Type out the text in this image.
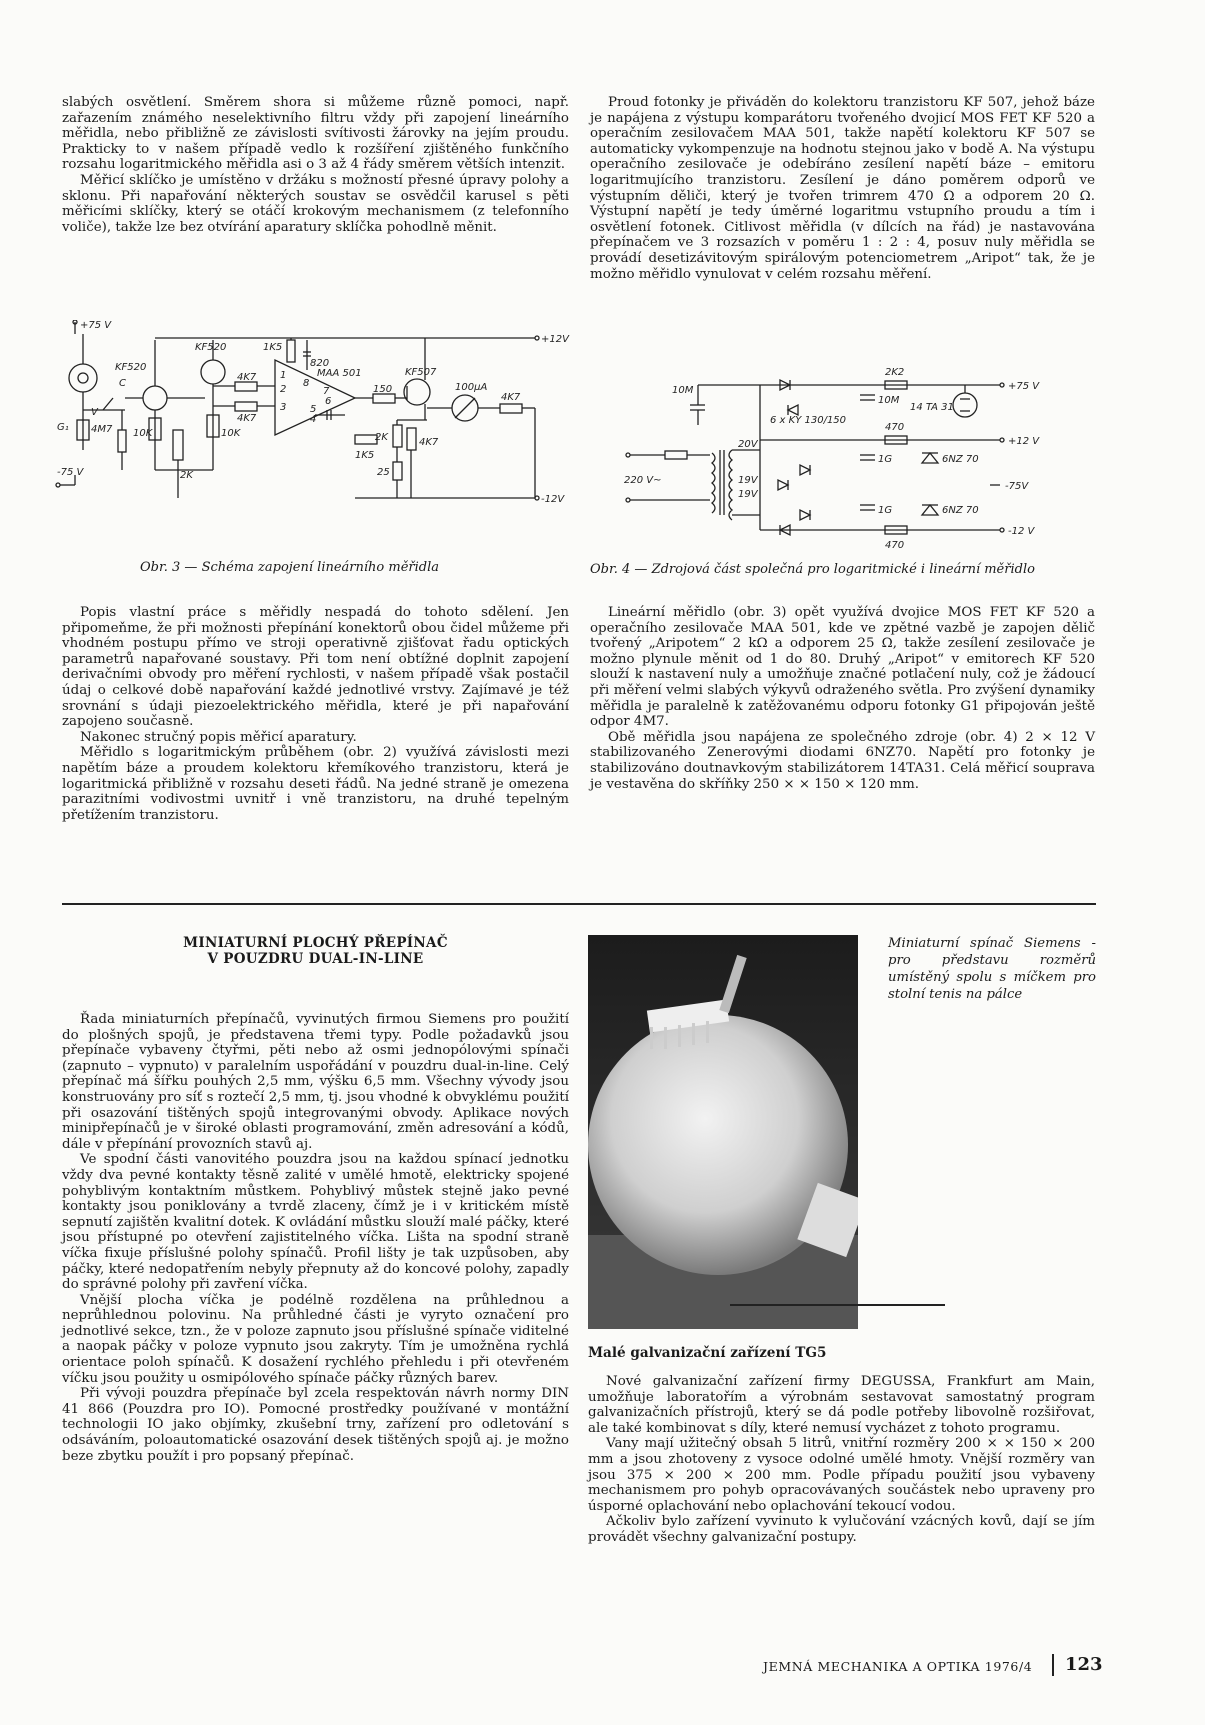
slabých osvětlení. Směrem shora si můžeme různě pomoci, např. zařazením známého neselektivního filtru vždy při zapojení lineárního měřidla, nebo přibližně ze závislosti svítivosti žárovky na jejím proudu. Prakticky to v našem případě vedlo k rozšíření zjištěného funkčního rozsahu logaritmického měřidla asi o 3 až 4 řády směrem větších intenzit.

Měřicí sklíčko je umístěno v držáku s možností přesné úpravy polohy a sklonu. Při napařování některých soustav se osvědčil karusel s pěti měřicími sklíčky, který se otáčí krokovým mechanismem (z telefonního voliče), takže lze bez otvírání aparatury sklíčka pohodlně měnit.

Proud fotonky je přiváděn do kolektoru tranzistoru KF 507, jehož báze je napájena z výstupu komparátoru tvořeného dvojicí MOS FET KF 520 a operačním zesilovačem MAA 501, takže napětí kolektoru KF 507 se automaticky vykompenzuje na hodnotu stejnou jako v bodě A. Na výstupu operačního zesilovače je odebíráno zesílení napětí báze – emitoru logaritmujícího tranzistoru. Zesílení je dáno poměrem odporů ve výstupním děliči, který je tvořen trimrem 470 Ω a odporem 20 Ω. Výstupní napětí je tedy úměrné logaritmu vstupního proudu a tím i osvětlení fotonek. Citlivost měřidla (v dílcích na řád) je nastavována přepínačem ve 3 rozsazích v poměru 1 : 2 : 4, posuv nuly měřidla se provádí desetizávitovým spirálovým potenciometrem „Aripot“ tak, že je možno měřidlo vynulovat v celém rozsahu měření.

+75 V
KF520
KF520
C
V
G₁ 4M7 10K	10K
2K
4K7
4K7
1K5
820
MAA 501	KF507
150
1K5
2K
25
4K7
100μA
4K7
+12V
-12V
-75 V
1
2
3
4
5
6
7
8
Obr. 3 — Schéma zapojení lineárního měřidla
2K2
+75 V
10M
10M
14 TA 31
6 x KY 130/150
470
+12 V
20V
1G	6NZ 70
220 V~	19V
19V
-75V
1G	6NZ 70
-12 V
470
Obr. 4 — Zdrojová část společná pro logaritmické i lineární měřidlo

Popis vlastní práce s měřidly nespadá do tohoto sdělení. Jen připomeňme, že při možnosti přepínání konektorů obou čidel můžeme při vhodném postupu přímo ve stroji operativně zjišťovat řadu optických parametrů napařované soustavy. Při tom není obtížné doplnit zapojení derivačními obvody pro měření rychlosti, v našem případě však postačil údaj o celkové době napařování každé jednotlivé vrstvy. Zajímavé je též srovnání s údaji piezoelektrického měřidla, které je při napařování zapojeno současně.

Nakonec stručný popis měřicí aparatury.

Měřidlo s logaritmickým průběhem (obr. 2) využívá závislosti mezi napětím báze a proudem kolektoru křemíkového tranzistoru, která je logaritmická přibližně v rozsahu deseti řádů. Na jedné straně je omezena parazitními vodivostmi uvnitř i vně tranzistoru, na druhé tepelným přetížením tranzistoru.

Lineární měřidlo (obr. 3) opět využívá dvojice MOS FET KF 520 a operačního zesilovače MAA 501, kde ve zpětné vazbě je zapojen dělič tvořený „Aripotem“ 2 kΩ a odporem 25 Ω, takže zesílení zesilovače je možno plynule měnit od 1 do 80. Druhý „Aripot“ v emitorech KF 520 slouží k nastavení nuly a umožňuje značné potlačení nuly, což je žádoucí při měření velmi slabých výkyvů odraženého světla. Pro zvýšení dynamiky měřidla je paralelně k zatěžovanému odporu fotonky G1 připojován ještě odpor 4M7.

Obě měřidla jsou napájena ze společného zdroje (obr. 4) 2 × 12 V stabilizovaného Zenerovými diodami 6NZ70. Napětí pro fotonky je stabilizováno doutnavkovým stabilizátorem 14TA31. Celá měřicí souprava je vestavěna do skříňky 250 × × 150 × 120 mm.

MINIATURNÍ PLOCHÝ PŘEPÍNAČ
V POUZDRU DUAL-IN-LINE

Řada miniaturních přepínačů, vyvinutých firmou Siemens pro použití do plošných spojů, je představena třemi typy. Podle požadavků jsou přepínače vybaveny čtyřmi, pěti nebo až osmi jednopólovými spínači (zapnuto – vypnuto) v paralelním uspořádání v pouzdru dual-in-line. Celý přepínač má šířku pouhých 2,5 mm, výšku 6,5 mm. Všechny vývody jsou konstruovány pro síť s roztečí 2,5 mm, tj. jsou vhodné k obvyklému použití při osazování tištěných spojů integrovanými obvody. Aplikace nových minipřepínačů je v široké oblasti programování, změn adresování a kódů, dále v přepínání provozních stavů aj.

Ve spodní části vanovitého pouzdra jsou na každou spínací jednotku vždy dva pevné kontakty těsně zalité v umělé hmotě, elektricky spojené pohyblivým kontaktním můstkem. Pohyblivý můstek stejně jako pevné kontakty jsou poniklovány a tvrdě zlaceny, čímž je i v kritickém místě sepnutí zajištěn kvalitní dotek. K ovládání můstku slouží malé páčky, které jsou přístupné po otevření zajistitelného víčka. Lišta na spodní straně víčka fixuje příslušné polohy spínačů. Profil lišty je tak uzpůsoben, aby páčky, které nedopatřením nebyly přepnuty až do koncové polohy, zapadly do správné polohy při zavření víčka.

Vnější plocha víčka je podélně rozdělena na průhlednou a neprůhlednou polovinu. Na průhledné části je vyryto označení pro jednotlivé sekce, tzn., že v poloze zapnuto jsou příslušné spínače viditelné a naopak páčky v poloze vypnuto jsou zakryty. Tím je umožněna rychlá orientace poloh spínačů. K dosažení rychlého přehledu i při otevřeném víčku jsou použity u osmipólového spínače páčky různých barev.

Při vývoji pouzdra přepínače byl zcela respektován návrh normy DIN 41 866 (Pouzdra pro IO). Pomocné prostředky používané v montážní technologii IO jako objímky, zkušební trny, zařízení pro odletování s odsáváním, poloautomatické osazování desek tištěných spojů aj. je možno beze zbytku použít i pro popsaný přepínač.

Miniaturní spínač Siemens - pro představu rozměrů umístěný spolu s míčkem pro stolní tenis na pálce
Malé galvanizační zařízení TG5

Nové galvanizační zařízení firmy DEGUSSA, Frankfurt am Main, umožňuje laboratořím a výrobnám sestavovat samostatný program galvanizačních přístrojů, který se dá podle potřeby libovolně rozšiřovat, ale také kombinovat s díly, které nemusí vycházet z tohoto programu.

Vany mají užitečný obsah 5 litrů, vnitřní rozměry 200 × × 150 × 200 mm a jsou zhotoveny z vysoce odolné umělé hmoty. Vnější rozměry van jsou 375 × 200 × 200 mm. Podle případu použití jsou vybaveny mechanismem pro pohyb opracovávaných součástek nebo upraveny pro úsporné oplachování nebo oplachování tekoucí vodou.

Ačkoliv bylo zařízení vyvinuto k vylučování vzácných kovů, dají se jím provádět všechny galvanizační postupy.

JEMNÁ MECHANIKA A OPTIKA 1976/4 123
